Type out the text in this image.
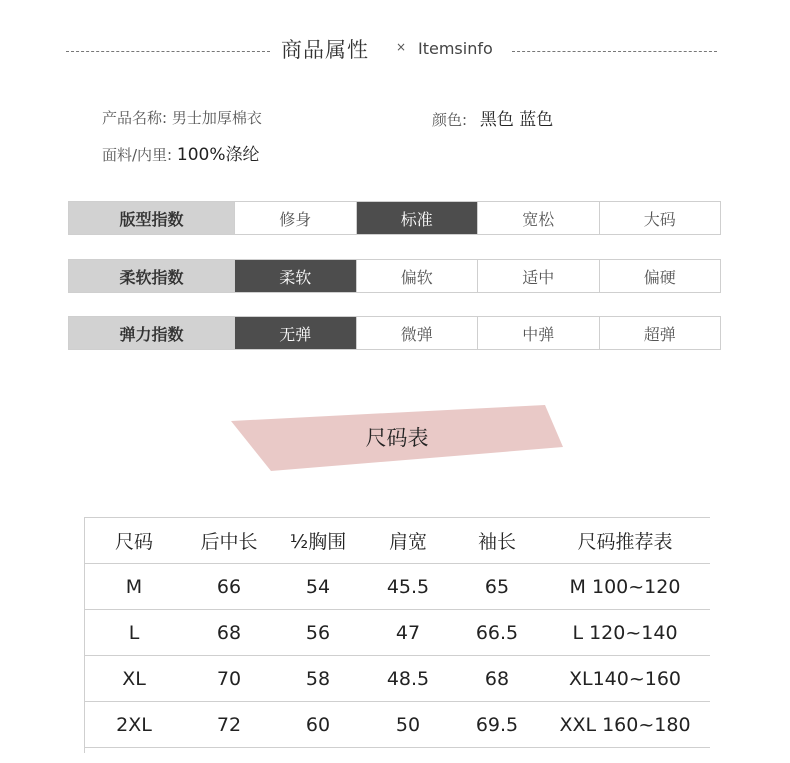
商品属性 × Itemsinfo
产品名称: 男士加厚棉衣	颜色: 黑色 蓝色
面料/内里: 100%涤纶
版型指数	修身	标准	宽松	大码
柔软指数	柔软	偏软	适中	偏硬
弹力指数	无弹	微弹	中弹	超弹
尺码表
尺码	后中长	½胸围	肩宽	袖长	尺码推荐表
M	66	54	45.5	65	M 100~120
L	68	56	47	66.5	L 120~140
XL	70	58	48.5	68	XL140~160
2XL	72	60	50	69.5	XXL 160~180
